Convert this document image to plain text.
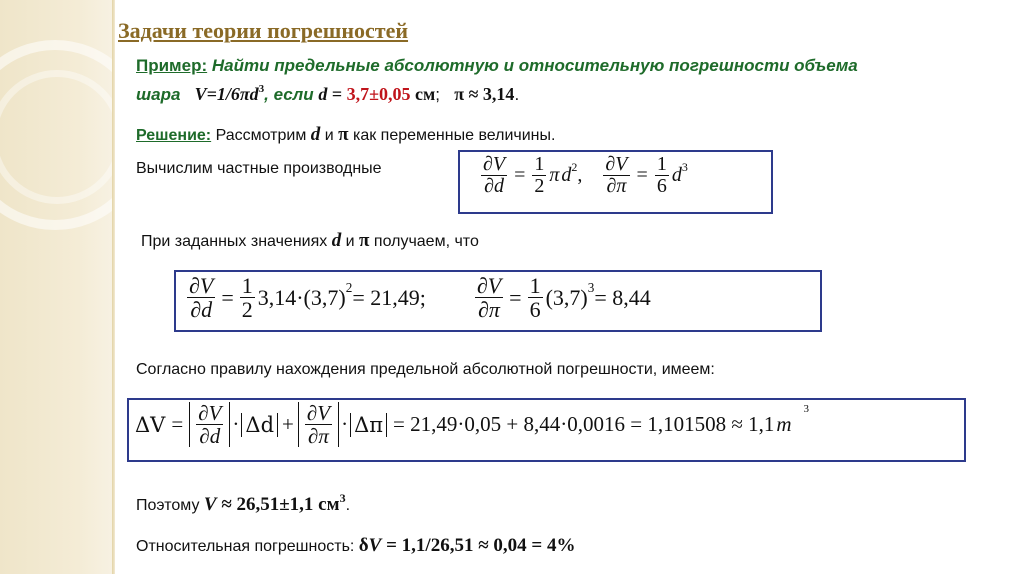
Задачи теории погрешностей
Пример: Найти предельные абсолютную и относительную погрешности объема
шара $V=1/6\pi d^3$, если d = 3,7±0,05 см; π ≈ 3,14.
Решение: Рассмотрим d и π как переменные величины.
Вычислим частные производные	$\frac{\partial V}{\partial d} = \frac{1}{2}$ π d 2 , $\frac{\partial V}{\partial\pi} = \frac{1}{6}$ d 3
При заданных значениях d и π получаем, что
$\frac{\partial V}{\partial d} = \frac{1}{2} 3,14\cdot(3,7) 2 = 21,49$; $\frac{\partial V}{\partial\pi} = \frac{1}{6} (3,7) 3 = 8,44$
Согласно правилу нахождения предельной абсолютной погрешности, имеем:
$\Delta V = \frac{\partial V}{\partial d} \cdot \Delta d + \frac{\partial V}{\partial\pi} \cdot \Delta\pi = 21,49\cdot 0,05 + 8,44\cdot 0,0016 = 1,101508 \approx 1,1$ m
3
Поэтому V ≈ 26,51±1,1 $см^3$.
Относительная погрешность: δV = 1,1/26,51 ≈ 0,04 = 4%
